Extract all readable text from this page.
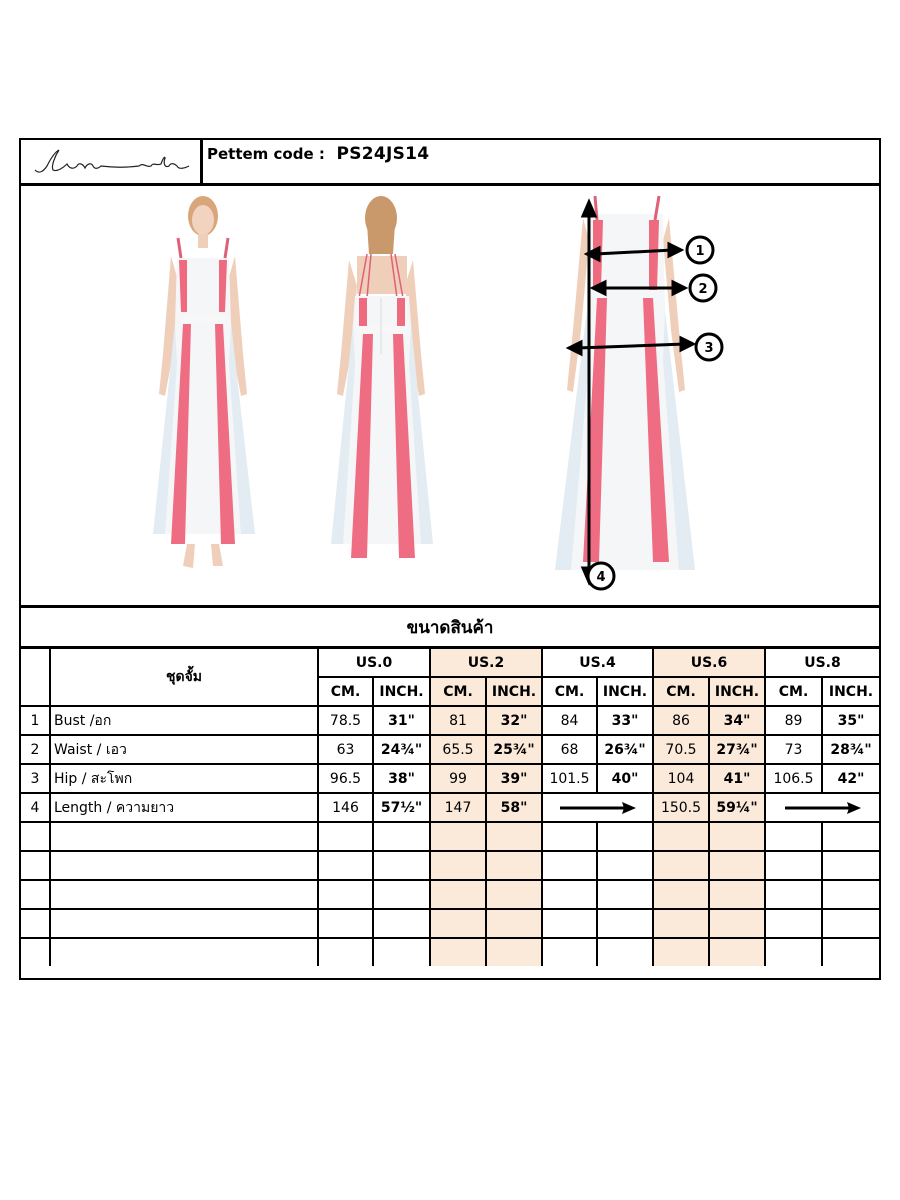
Pettem code : PS24JS14
1
2
3
4
ขนาดสินค้า
	ชุดจั้ม	US.0		US.2		US.4		US.6		US.8	
		CM.	INCH.	CM.	INCH.	CM.	INCH.	CM.	INCH.	CM.	INCH.
1	Bust /อก	78.5	31"	81	32"	84	33"	86	34"	89	35"
2	Waist / เอว	63	24¾"	65.5	25¾"	68	26¾"	70.5	27¾"	73	28¾"
3	Hip / สะโพก	96.5	38"	99	39"	101.5	40"	104	41"	106.5	42"
4	Length / ความยาว	146	57½"	147	58"			150.5	59¼"	
